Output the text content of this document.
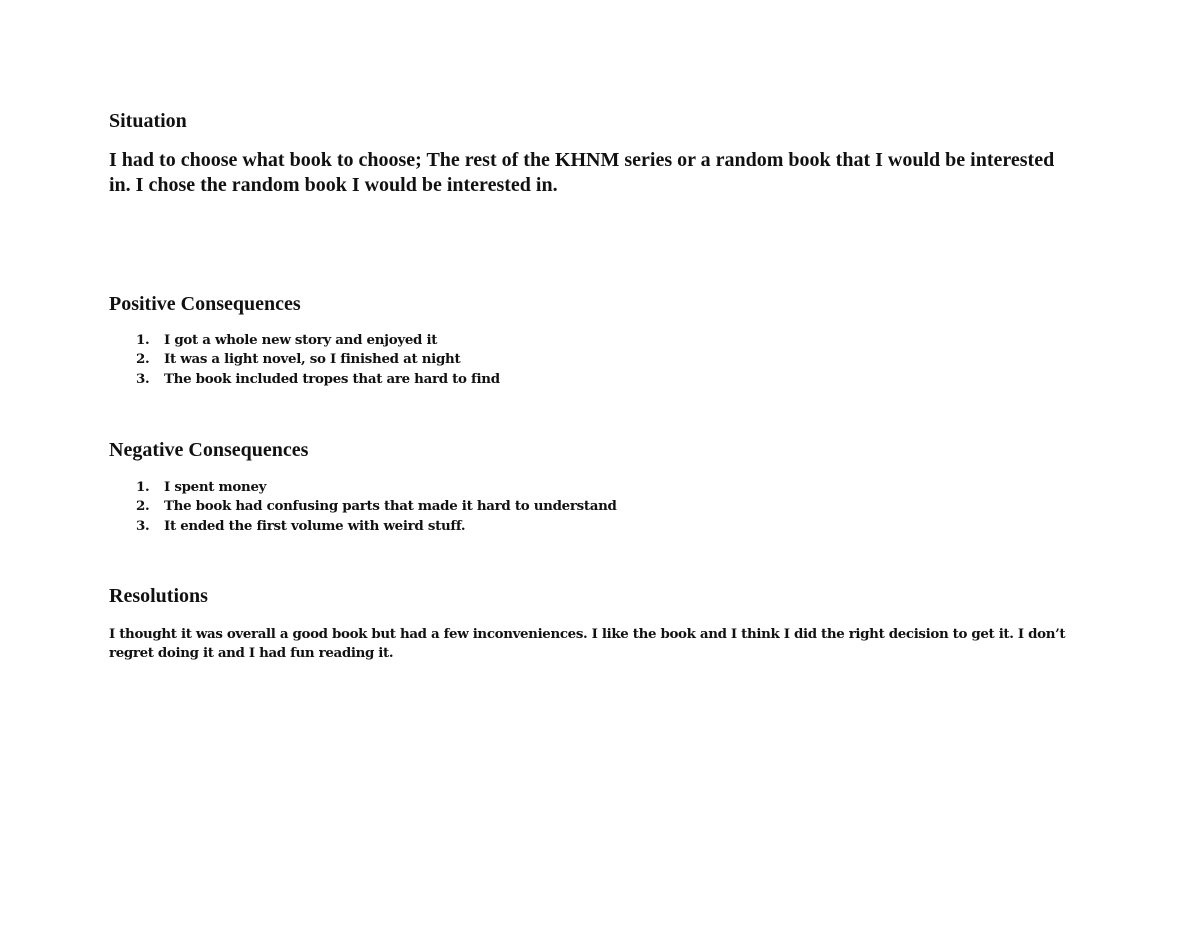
Situation

I had to choose what book to choose; The rest of the KHNM series or a random book that I would be interested in. I chose the random book I would be interested in.

Positive Consequences
1. I got a whole new story and enjoyed it
2. It was a light novel, so I finished at night
3. The book included tropes that are hard to find
Negative Consequences
1. I spent money
2. The book had confusing parts that made it hard to understand
3. It ended the first volume with weird stuff.
Resolutions

I thought it was overall a good book but had a few inconveniences. I like the book and I think I did the right decision to get it. I don’t regret doing it and I had fun reading it.
